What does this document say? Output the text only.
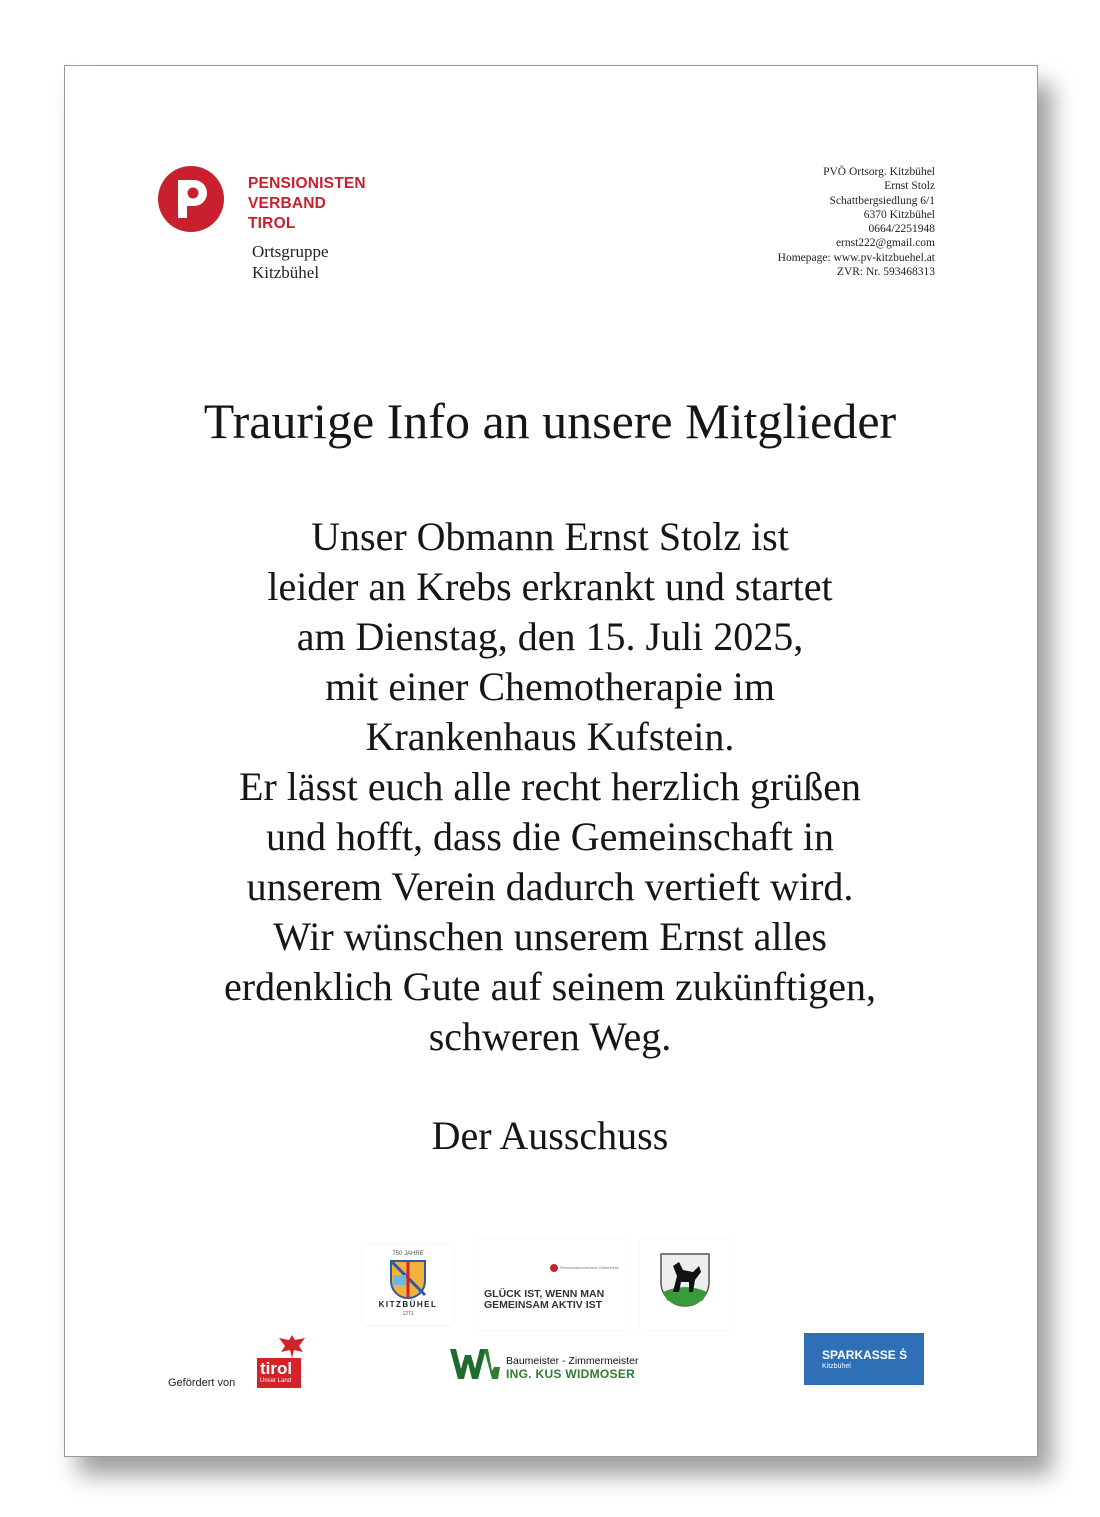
PENSIONISTEN
VERBAND
TIROL
Ortsgruppe
Kitzbühel
PVÖ Ortsorg. Kitzbühel
Ernst Stolz
Schattbergsiedlung 6/1
6370 Kitzbühel
0664/2251948
ernst222@gmail.com
Homepage: www.pv-kitzbuehel.at
ZVR: Nr. 593468313
Traurige Info an unsere Mitglieder
Unser Obmann Ernst Stolz ist
leider an Krebs erkrankt und startet
am Dienstag, den 15. Juli 2025,
mit einer Chemotherapie im
Krankenhaus Kufstein.
Er lässt euch alle recht herzlich grüßen
und hofft, dass die Gemeinschaft in
unserem Verein dadurch vertieft wird.
Wir wünschen unserem Ernst alles
erdenklich Gute auf seinem zukünftigen,
schweren Weg.
Der Ausschuss
750 JAHRE
KITZBÜHEL
1271
Pensionistenverband Österreichs
GLÜCK IST, WENN MAN
GEMEINSAM AKTIV IST
Gefördert von
tirol
Unser Land
Baumeister - Zimmermeister
ING. KUS WIDMOSER
SPARKASSE Ṡ
Kitzbühel
